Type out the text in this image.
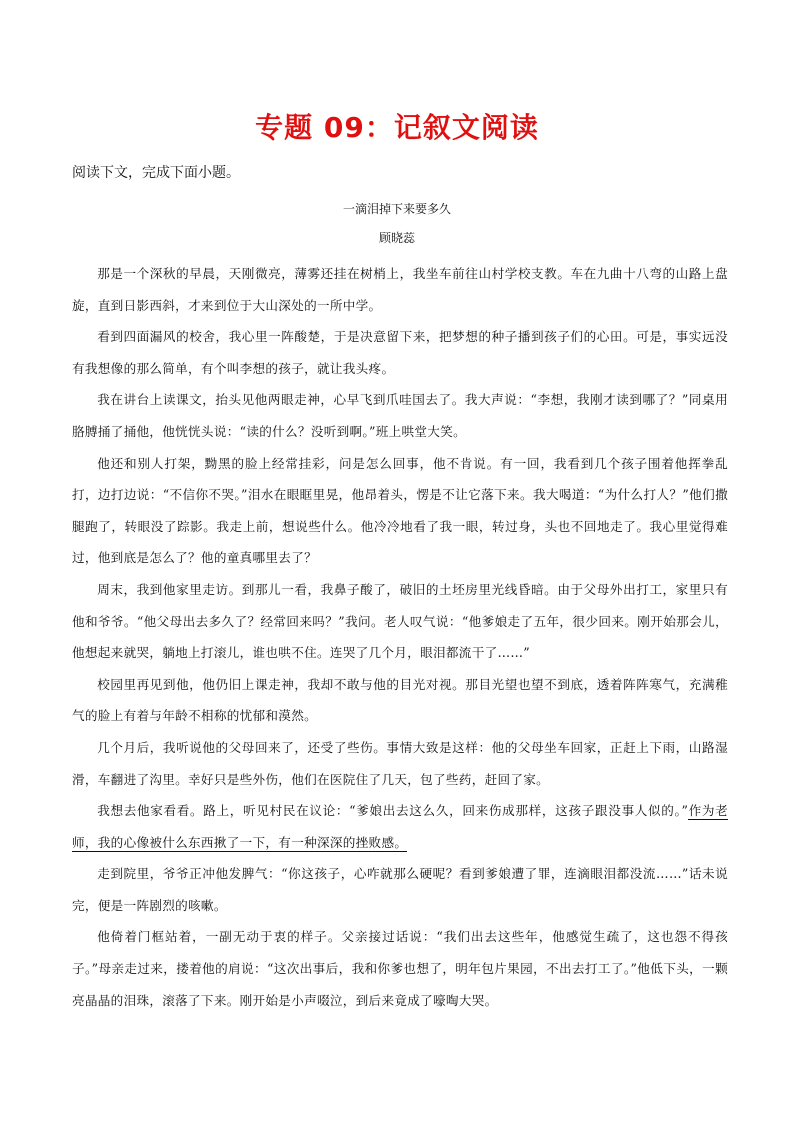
专题 09：记叙文阅读
阅读下文，完成下面小题。
一滴泪掉下来要多久
顾晓蕊

那是一个深秋的早晨，天刚微亮，薄雾还挂在树梢上，我坐车前往山村学校支教。车在九曲十八弯的山路上盘旋，直到日影西斜，才来到位于大山深处的一所中学。

看到四面漏风的校舍，我心里一阵酸楚，于是决意留下来，把梦想的种子播到孩子们的心田。可是，事实远没有我想像的那么简单，有个叫李想的孩子，就让我头疼。

我在讲台上读课文，抬头见他两眼走神，心早飞到爪哇国去了。我大声说：“李想，我刚才读到哪了？”同桌用胳膊捅了捅他，他恍恍头说：“读的什么？没听到啊。”班上哄堂大笑。

他还和别人打架，黝黑的脸上经常挂彩，问是怎么回事，他不肯说。有一回，我看到几个孩子围着他挥拳乱打，边打边说：“不信你不哭。”泪水在眼眶里晃，他昂着头，愣是不让它落下来。我大喝道：“为什么打人？”他们撒腿跑了，转眼没了踪影。我走上前，想说些什么。他冷冷地看了我一眼，转过身，头也不回地走了。我心里觉得难过，他到底是怎么了？他的童真哪里去了？

周末，我到他家里走访。到那儿一看，我鼻子酸了，破旧的土坯房里光线昏暗。由于父母外出打工，家里只有他和爷爷。“他父母出去多久了？经常回来吗？”我问。老人叹气说：“他爹娘走了五年，很少回来。刚开始那会儿，他想起来就哭，躺地上打滚儿，谁也哄不住。连哭了几个月，眼泪都流干了……”

校园里再见到他，他仍旧上课走神，我却不敢与他的目光对视。那目光望也望不到底，透着阵阵寒气，充满稚气的脸上有着与年龄不相称的忧郁和漠然。

几个月后，我听说他的父母回来了，还受了些伤。事情大致是这样：他的父母坐车回家，正赶上下雨，山路湿滑，车翻进了沟里。幸好只是些外伤，他们在医院住了几天，包了些药，赶回了家。

我想去他家看看。路上，听见村民在议论：“爹娘出去这么久，回来伤成那样，这孩子跟没事人似的。”作为老师，我的心像被什么东西揪了一下，有一种深深的挫败感。

走到院里，爷爷正冲他发脾气：“你这孩子，心咋就那么硬呢？看到爹娘遭了罪，连滴眼泪都没流……”话未说完，便是一阵剧烈的咳嗽。

他倚着门框站着，一副无动于衷的样子。父亲接过话说：“我们出去这些年，他感觉生疏了，这也怨不得孩子。”母亲走过来，搂着他的肩说：“这次出事后，我和你爹也想了，明年包片果园，不出去打工了。”他低下头，一颗亮晶晶的泪珠，滚落了下来。刚开始是小声啜泣，到后来竟成了嚎啕大哭。
